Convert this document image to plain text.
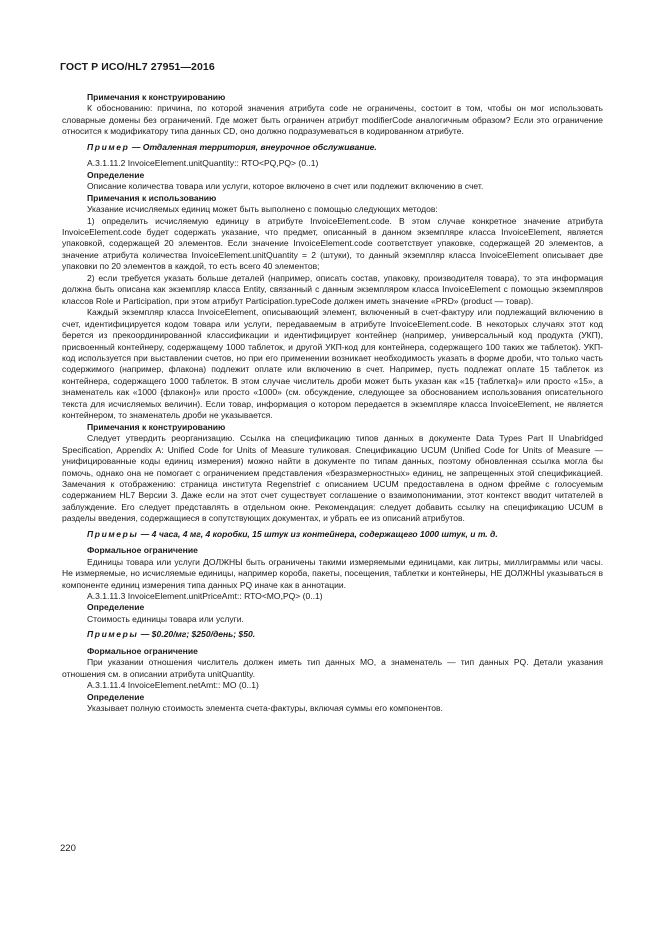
ГОСТ Р ИСО/HL7 27951—2016
Примечания к конструированию

К обоснованию: причина, по которой значения атрибута code не ограничены, состоит в том, чтобы он мог использовать словарные домены без ограничений. Где может быть ограничен атрибут modifierCode аналогичным образом? Если это ограничение относится к модификатору типа данных CD, оно должно подразумеваться в кодированном атрибуте.

Пример — Отдаленная территория, внеурочное обслуживание.

A.3.1.11.2 InvoiceElement.unitQuantity:: RTO<PQ,PQ> (0..1)

Определение

Описание количества товара или услуги, которое включено в счет или подлежит включению в счет.

Примечания к использованию

Указание исчисляемых единиц может быть выполнено с помощью следующих методов:

1) определить исчисляемую единицу в атрибуте InvoiceElement.code. В этом случае конкретное значение атрибута InvoiceElement.code будет содержать указание, что предмет, описанный в данном экземпляре класса InvoiceElement, является упаковкой, содержащей 20 элементов. Если значение InvoiceElement.code соответствует упаковке, содержащей 20 элементов, а значение атрибута количества InvoiceElement.unitQuantity = 2 (штуки), то данный экземпляр класса InvoiceElement описывает две упаковки по 20 элементов в каждой, то есть всего 40 элементов;

2) если требуется указать больше деталей (например, описать состав, упаковку, производителя товара), то эта информация должна быть описана как экземпляр класса Entity, связанный с данным экземпляром класса InvoiceElement с помощью экземпляров классов Role и Participation, при этом атрибут Participation.typeCode должен иметь значение «PRD» (product — товар).

Каждый экземпляр класса InvoiceElement, описывающий элемент, включенный в счет-фактуру или подлежащий включению в счет, идентифицируется кодом товара или услуги, передаваемым в атрибуте InvoiceElement.code. В некоторых случаях этот код берется из прекоординированной классификации и идентифицирует контейнер (например, универсальный код продукта (УКП), присвоенный контейнеру, содержащему 1000 таблеток, и другой УКП-код для контейнера, содержащего 100 таких же таблеток). УКП-код используется при выставлении счетов, но при его применении возникает необходимость указать в форме дроби, что только часть содержимого (например, флакона) подлежит оплате или включению в счет. Например, пусть подлежат оплате 15 таблеток из контейнера, содержащего 1000 таблеток. В этом случае числитель дроби может быть указан как «15 {таблетка}» или просто «15», а знаменатель как «1000 {флакон}» или просто «1000» (см. обсуждение, следующее за обоснованием использования описательного текста для исчисляемых величин). Если товар, информация о котором передается в экземпляре класса InvoiceElement, не является контейнером, то знаменатель дроби не указывается.

Примечания к конструированию

Следует утвердить реорганизацию. Ссылка на спецификацию типов данных в документе Data Types Part II Unabridged Specification, Appendix A: Unified Code for Units of Measure туликовая. Спецификацию UCUM (Unified Code for Units of Measure — унифицированные коды единиц измерения) можно найти в документе по типам данных, поэтому обновленная ссылка могла бы помочь, однако она не помогает с ограничением представления «безразмерностных» единиц, не запрещенных этой спецификацией. Замечания к отображению: страница института Regenstrief с описанием UCUM предоставлена в одном фрейме с голосуемым содержанием HL7 Версии 3. Даже если на этот счет существует соглашение о взаимопонимании, этот контекст вводит читателей в заблуждение. Его следует представлять в отдельном окне. Рекомендация: следует добавить ссылку на спецификацию UCUM в разделы введения, содержащиеся в сопутствующих документах, и убрать ее из описаний атрибутов.

Примеры — 4 часа, 4 мг, 4 коробки, 15 штук из контейнера, содержащего 1000 штук, и т. д.
Формальное ограничение

Единицы товара или услуги ДОЛЖНЫ быть ограничены такими измеряемыми единицами, как литры, миллиграммы или часы. Не измеряемые, но исчисляемые единицы, например короба, пакеты, посещения, таблетки и контейнеры, НЕ ДОЛЖНЫ указываться в компоненте единиц измерения типа данных PQ иначе как в аннотации.

A.3.1.11.3 InvoiceElement.unitPriceAmt:: RTO<MO,PQ> (0..1)

Определение

Стоимость единицы товара или услуги.

Примеры — $0.20/мг; $250/день; $50.
Формальное ограничение

При указании отношения числитель должен иметь тип данных MO, а знаменатель — тип данных PQ. Детали указания отношения см. в описании атрибута unitQuantity.

A.3.1.11.4 InvoiceElement.netAmt:: MO (0..1)

Определение

Указывает полную стоимость элемента счета-фактуры, включая суммы его компонентов.

220
